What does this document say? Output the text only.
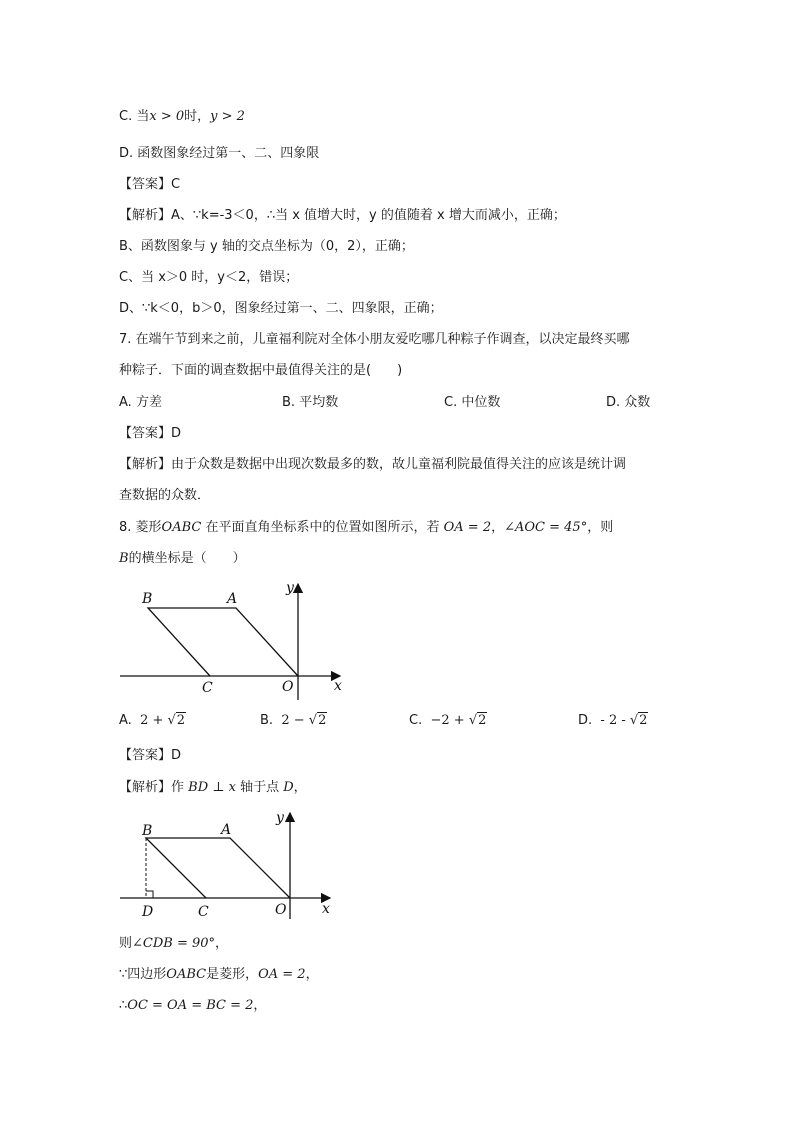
C. 当x > 0时，y > 2
D. 函数图象经过第一、二、四象限
【答案】C
【解析】A、∵k=-3＜0，∴当 x 值增大时，y 的值随着 x 增大而减小，正确；
B、函数图象与 y 轴的交点坐标为（0，2），正确；
C、当 x＞0 时，y＜2，错误；
D、∵k＜0，b＞0，图象经过第一、二、四象限，正确；
7. 在端午节到来之前，儿童福利院对全体小朋友爱吃哪几种粽子作调查，以决定最终买哪
种粽子．下面的调查数据中最值得关注的是(　　)
A. 方差	B. 平均数	C. 中位数	D. 众数
【答案】D
【解析】由于众数是数据中出现次数最多的数，故儿童福利院最值得关注的应该是统计调
查数据的众数．
8. 菱形OABC 在平面直角坐标系中的位置如图所示，若 OA = 2，∠AOC = 45°，则
B的横坐标是（　　）
B	A
C	O	x
y
A. 2 + √2	B. 2 − √2	C. −2 + √2	D. - 2 - √2
【答案】D
【解析】作 BD ⊥ x 轴于点 D，
B	A
D	C	O	x
y
则∠CDB = 90°，
∵四边形OABC是菱形，OA = 2，
∴OC = OA = BC = 2，
